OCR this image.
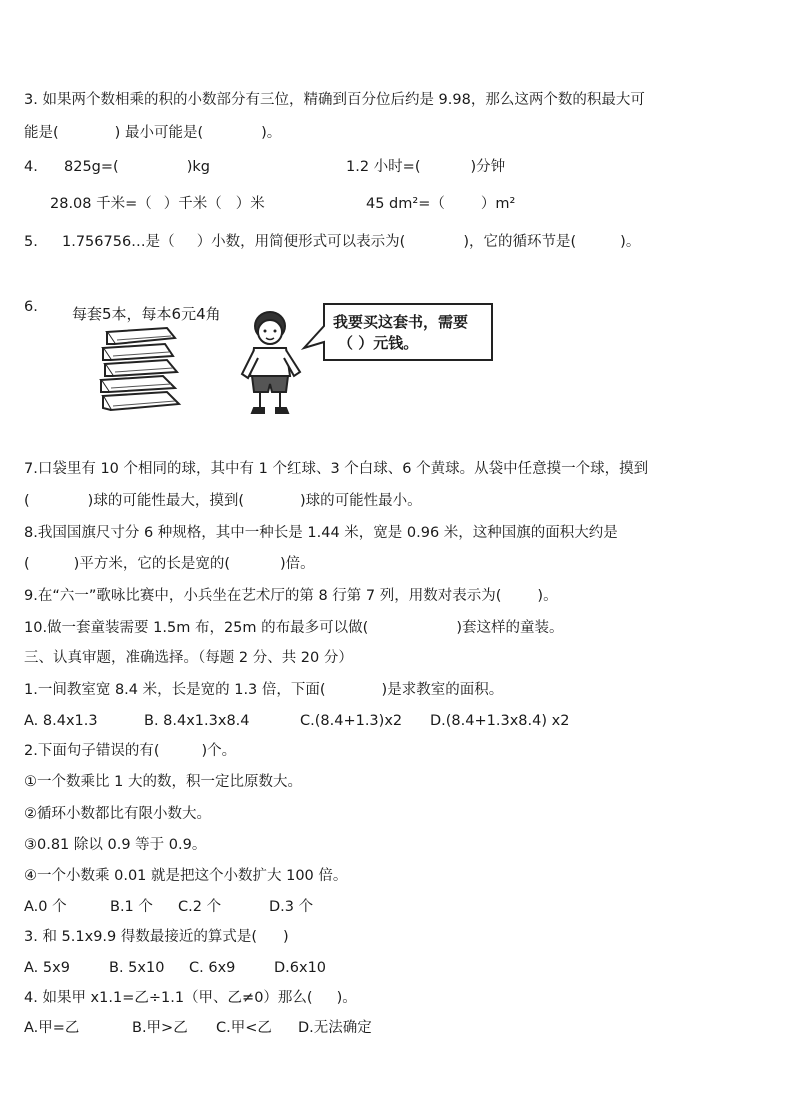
3. 如果两个数相乘的积的小数部分有三位，精确到百分位后约是 9.98，那么这两个数的积最大可
能是(	) 最小可能是(	)。
4. 825g=(	)kg	1.2 小时=(	)分钟
28.08 千米=（ ）千米（ ）米	45 dm²=（ ）m²
5. 1.756756…是（ ）小数，用简便形式可以表示为(	)，它的循环节是(	)。
6. 每套5本，每本6元4角	我要买这套书，需要
（ ）元钱。
7.口袋里有 10 个相同的球，其中有 1 个红球、3 个白球、6 个黄球。从袋中任意摸一个球，摸到
(	)球的可能性最大，摸到(	)球的可能性最小。
8.我国国旗尺寸分 6 种规格，其中一种长是 1.44 米，宽是 0.96 米，这种国旗的面积大约是
(	)平方米，它的长是宽的(	)倍。
9.在“六一”歌咏比赛中，小兵坐在艺术厅的第 8 行第 7 列，用数对表示为( )。
10.做一套童装需要 1.5m 布，25m 的布最多可以做(	)套这样的童装。
三、认真审题，准确选择。（每题 2 分、共 20 分）
1.一间教室宽 8.4 米，长是宽的 1.3 倍，下面(	)是求教室的面积。
A. 8.4x1.3	B. 8.4x1.3x8.4	C.(8.4+1.3)x2 D.(8.4+1.3x8.4) x2
2.下面句子错误的有(	)个。
①一个数乘比 1 大的数，积一定比原数大。
②循环小数都比有限小数大。
③0.81 除以 0.9 等于 0.9。
④一个小数乘 0.01 就是把这个小数扩大 100 倍。
A.0 个	B.1 个 C.2 个	D.3 个
3. 和 5.1x9.9 得数最接近的算式是( )
A. 5x9	B. 5x10 C. 6x9	D.6x10
4. 如果甲 x1.1=乙÷1.1（甲、乙≠0）那么( )。
A.甲=乙	B.甲>乙 C.甲<乙 D.无法确定
